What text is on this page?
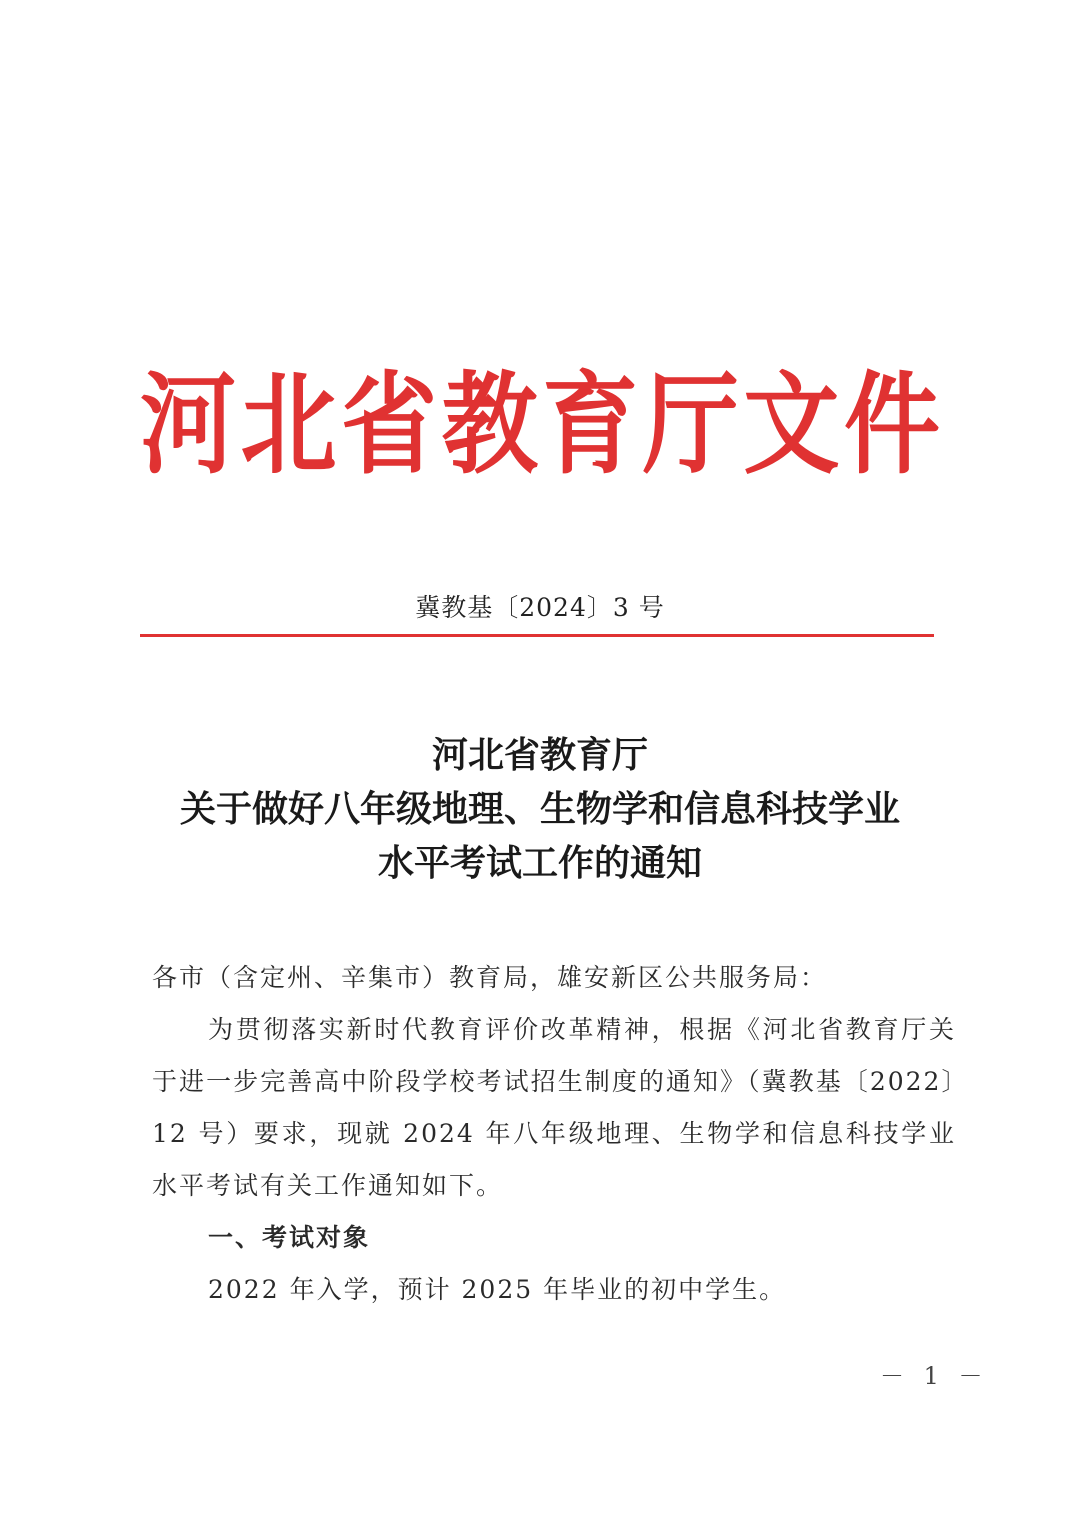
河 北 省 教 育 厅 文 件
冀教基〔2024〕3 号
河北省教育厅
关于做好八年级地理、生物学和信息科技学业
水平考试工作的通知

各市（含定州、辛集市）教育局，雄安新区公共服务局：

为贯彻落实新时代教育评价改革精神，根据《河北省教育厅关于进一步完善高中阶段学校考试招生制度的通知》（冀教基〔2022〕12 号）要求，现就 2024 年八年级地理、生物学和信息科技学业水平考试有关工作通知如下。

一、考试对象

2022 年入学，预计 2025 年毕业的初中学生。

－ 1 －
